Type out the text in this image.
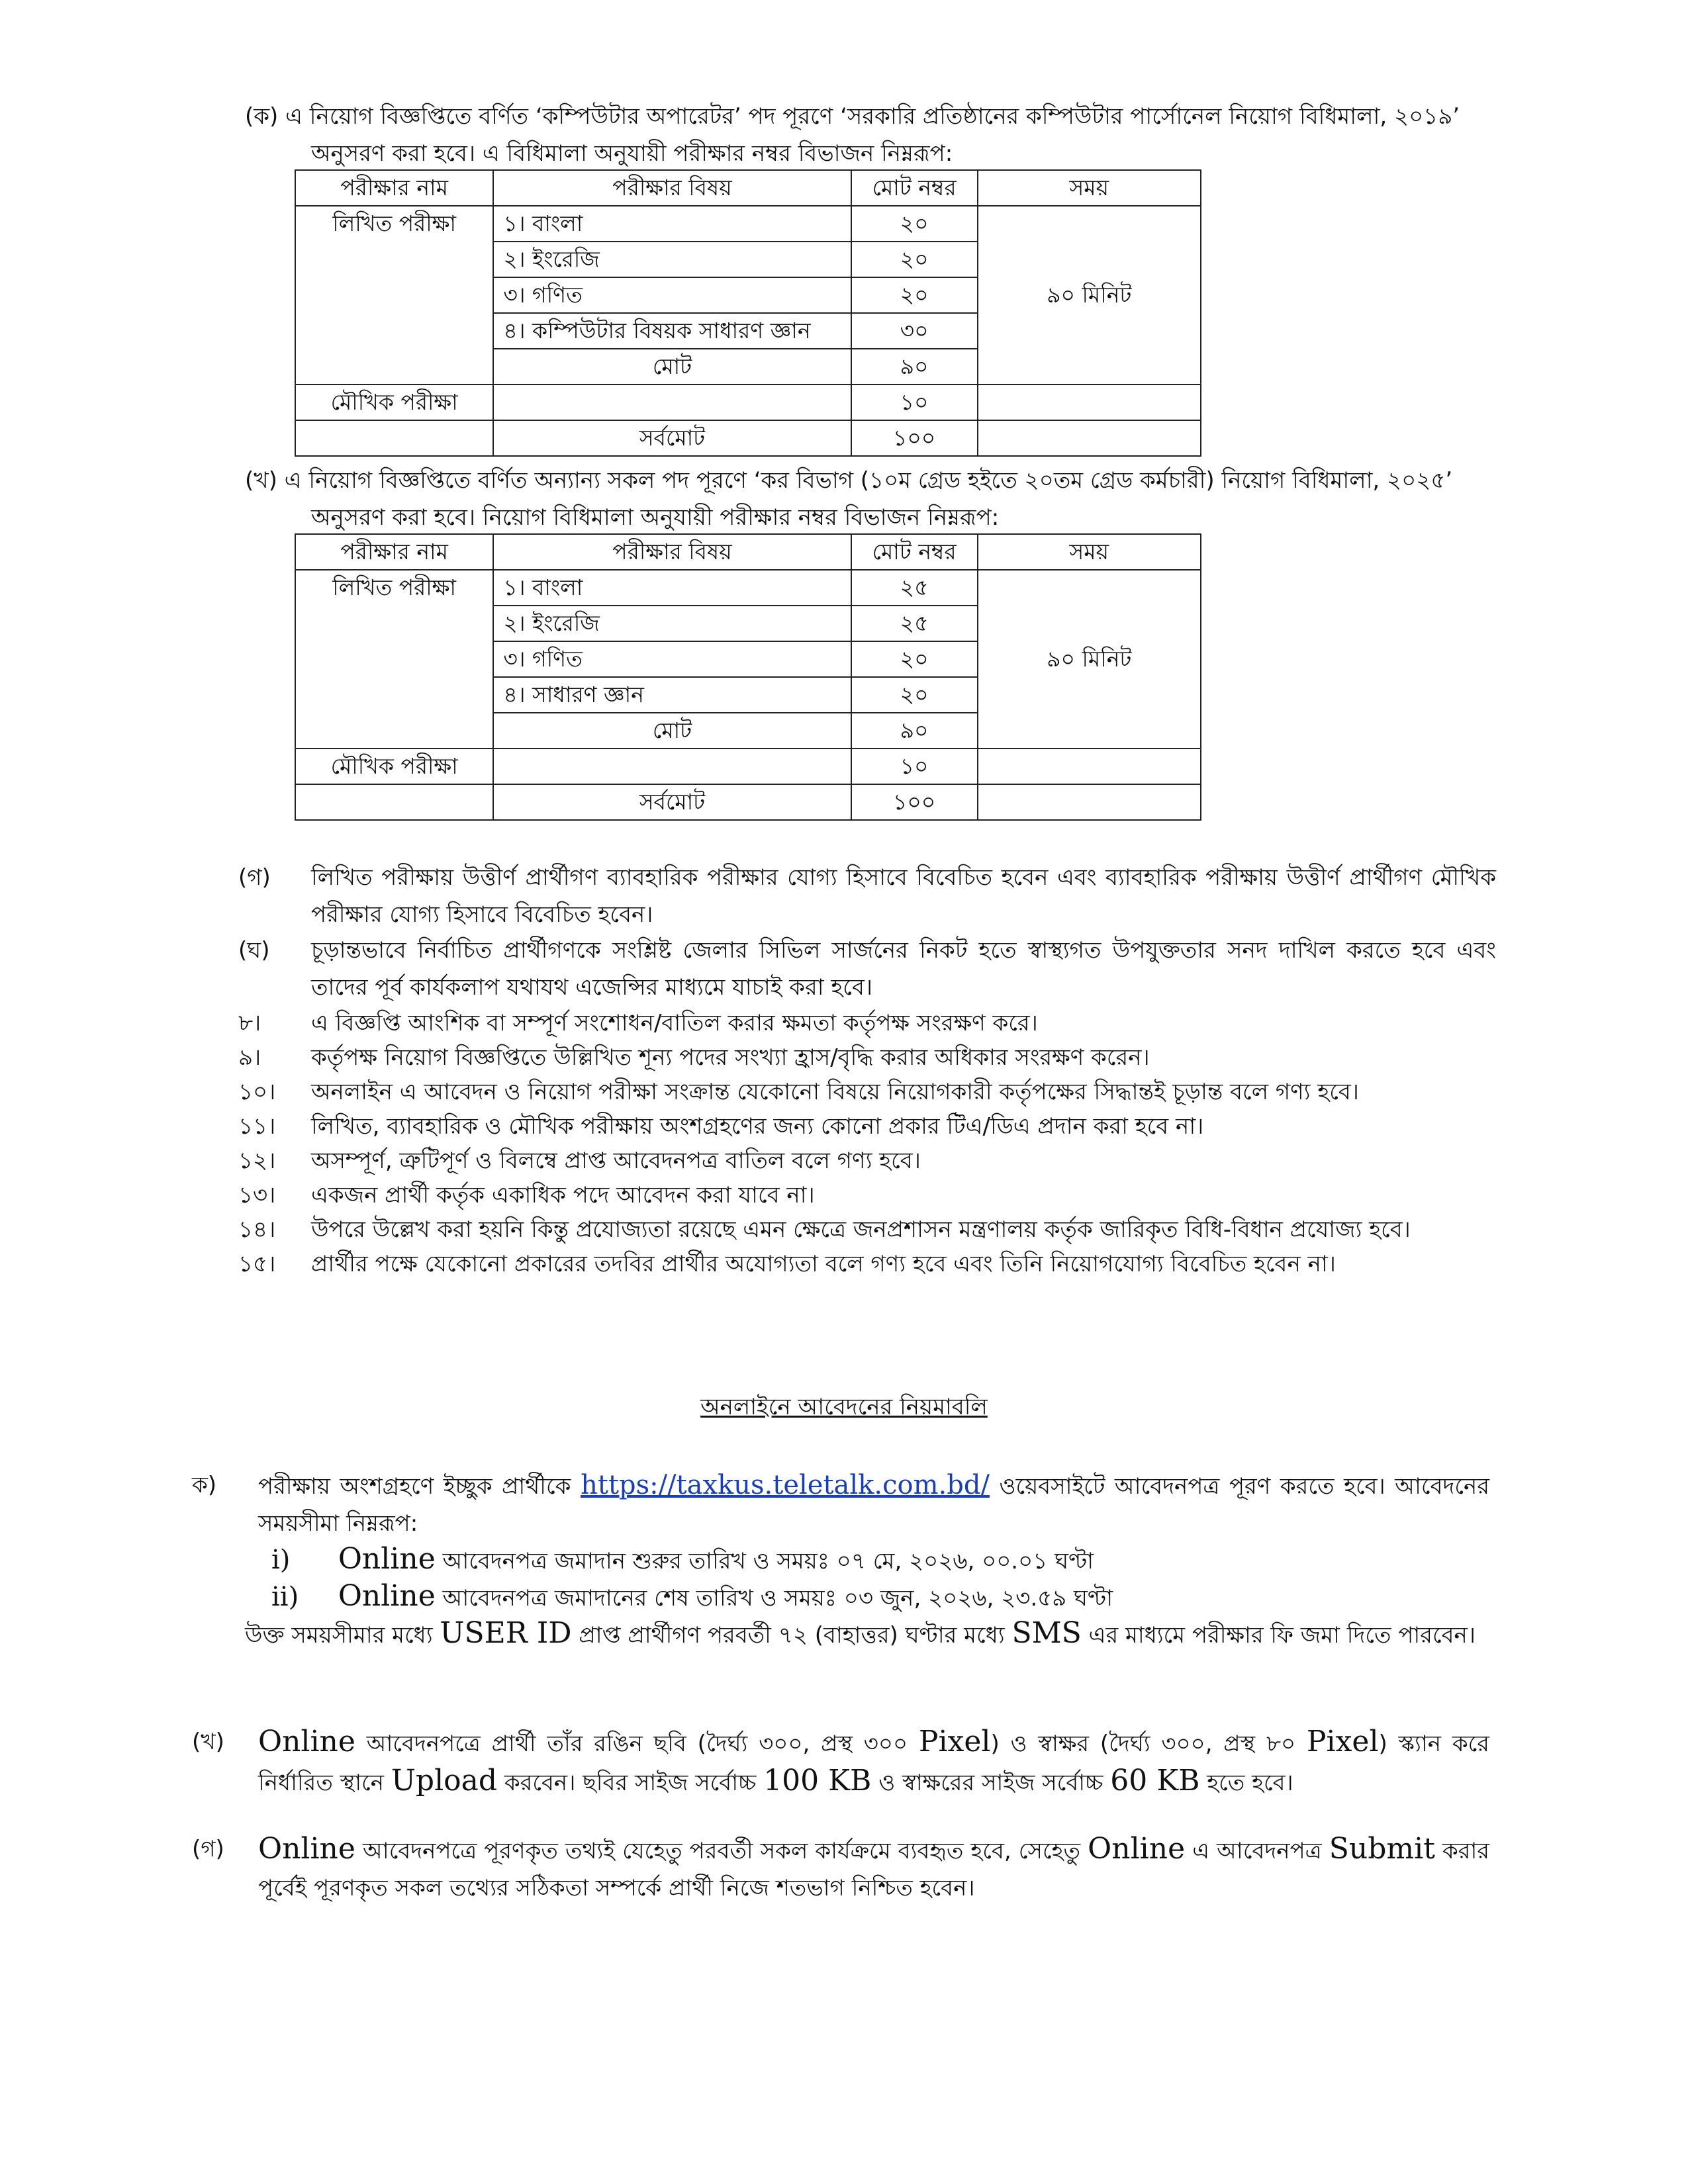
(ক) এ নিয়োগ বিজ্ঞপ্তিতে বর্ণিত ‘কম্পিউটার অপারেটর’ পদ পূরণে ‘সরকারি প্রতিষ্ঠানের কম্পিউটার পার্সোনেল নিয়োগ বিধিমালা, ২০১৯’
অনুসরণ করা হবে। এ বিধিমালা অনুযায়ী পরীক্ষার নম্বর বিভাজন নিম্নরূপ:
পরীক্ষার নাম	পরীক্ষার বিষয়	মোট নম্বর	সময়
লিখিত পরীক্ষা	১। বাংলা	২০	৯০ মিনিট
	২। ইংরেজি	২০	
	৩। গণিত	২০	
	৪। কম্পিউটার বিষয়ক সাধারণ জ্ঞান	৩০	
	মোট	৯০	
মৌখিক পরীক্ষা		১০	
	সর্বমোট	১০০	
(খ) এ নিয়োগ বিজ্ঞপ্তিতে বর্ণিত অন্যান্য সকল পদ পূরণে ‘কর বিভাগ (১০ম গ্রেড হইতে ২০তম গ্রেড কর্মচারী) নিয়োগ বিধিমালা, ২০২৫’
অনুসরণ করা হবে। নিয়োগ বিধিমালা অনুযায়ী পরীক্ষার নম্বর বিভাজন নিম্নরূপ:
পরীক্ষার নাম	পরীক্ষার বিষয়	মোট নম্বর	সময়
লিখিত পরীক্ষা	১। বাংলা	২৫	৯০ মিনিট
	২। ইংরেজি	২৫	
	৩। গণিত	২০	
	৪। সাধারণ জ্ঞান	২০	
	মোট	৯০	
মৌখিক পরীক্ষা		১০	
	সর্বমোট	১০০	
(গ)	লিখিত পরীক্ষায় উত্তীর্ণ প্রার্থীগণ ব্যাবহারিক পরীক্ষার যোগ্য হিসাবে বিবেচিত হবেন এবং ব্যাবহারিক পরীক্ষায় উত্তীর্ণ প্রার্থীগণ মৌখিক পরীক্ষার যোগ্য হিসাবে বিবেচিত হবেন।
(ঘ)	চূড়ান্তভাবে নির্বাচিত প্রার্থীগণকে সংশ্লিষ্ট জেলার সিভিল সার্জনের নিকট হতে স্বাস্থ্যগত উপযুক্ততার সনদ দাখিল করতে হবে এবং তাদের পূর্ব কার্যকলাপ যথাযথ এজেন্সির মাধ্যমে যাচাই করা হবে।
৮।	এ বিজ্ঞপ্তি আংশিক বা সম্পূর্ণ সংশোধন/বাতিল করার ক্ষমতা কর্তৃপক্ষ সংরক্ষণ করে।
৯।	কর্তৃপক্ষ নিয়োগ বিজ্ঞপ্তিতে উল্লিখিত শূন্য পদের সংখ্যা হ্রাস/বৃদ্ধি করার অধিকার সংরক্ষণ করেন।
১০।	অনলাইন এ আবেদন ও নিয়োগ পরীক্ষা সংক্রান্ত যেকোনো বিষয়ে নিয়োগকারী কর্তৃপক্ষের সিদ্ধান্তই চূড়ান্ত বলে গণ্য হবে।
১১।	লিখিত, ব্যাবহারিক ও মৌখিক পরীক্ষায় অংশগ্রহণের জন্য কোনো প্রকার টিএ/ডিএ প্রদান করা হবে না।
১২।	অসম্পূর্ণ, ত্রুটিপূর্ণ ও বিলম্বে প্রাপ্ত আবেদনপত্র বাতিল বলে গণ্য হবে।
১৩।	একজন প্রার্থী কর্তৃক একাধিক পদে আবেদন করা যাবে না।
১৪।	উপরে উল্লেখ করা হয়নি কিন্তু প্রযোজ্যতা রয়েছে এমন ক্ষেত্রে জনপ্রশাসন মন্ত্রণালয় কর্তৃক জারিকৃত বিধি-বিধান প্রযোজ্য হবে।
১৫।	প্রার্থীর পক্ষে যেকোনো প্রকারের তদবির প্রার্থীর অযোগ্যতা বলে গণ্য হবে এবং তিনি নিয়োগযোগ্য বিবেচিত হবেন না।
অনলাইনে আবেদনের নিয়মাবলি
ক) পরীক্ষায় অংশগ্রহণে ইচ্ছুক প্রার্থীকে https://taxkus.teletalk.com.bd/ ওয়েবসাইটে আবেদনপত্র পূরণ করতে হবে। আবেদনের সময়সীমা নিম্নরূপ:
i) Online আবেদনপত্র জমাদান শুরুর তারিখ ও সময়ঃ ০৭ মে, ২০২৬, ০০.০১ ঘণ্টা
ii) Online আবেদনপত্র জমাদানের শেষ তারিখ ও সময়ঃ ০৩ জুন, ২০২৬, ২৩.৫৯ ঘণ্টা
উক্ত সময়সীমার মধ্যে USER ID প্রাপ্ত প্রার্থীগণ পরবর্তী ৭২ (বাহাত্তর) ঘণ্টার মধ্যে SMS এর মাধ্যমে পরীক্ষার ফি জমা দিতে পারবেন।
(খ) Online আবেদনপত্রে প্রার্থী তাঁর রঙিন ছবি (দৈর্ঘ্য ৩০০, প্রস্থ ৩০০ Pixel) ও স্বাক্ষর (দৈর্ঘ্য ৩০০, প্রস্থ ৮০ Pixel) স্ক্যান করে নির্ধারিত স্থানে Upload করবেন। ছবির সাইজ সর্বোচ্চ 100 KB ও স্বাক্ষরের সাইজ সর্বোচ্চ 60 KB হতে হবে।
(গ) Online আবেদনপত্রে পূরণকৃত তথ্যই যেহেতু পরবর্তী সকল কার্যক্রমে ব্যবহৃত হবে, সেহেতু Online এ আবেদনপত্র Submit করার পূর্বেই পূরণকৃত সকল তথ্যের সঠিকতা সম্পর্কে প্রার্থী নিজে শতভাগ নিশ্চিত হবেন।
